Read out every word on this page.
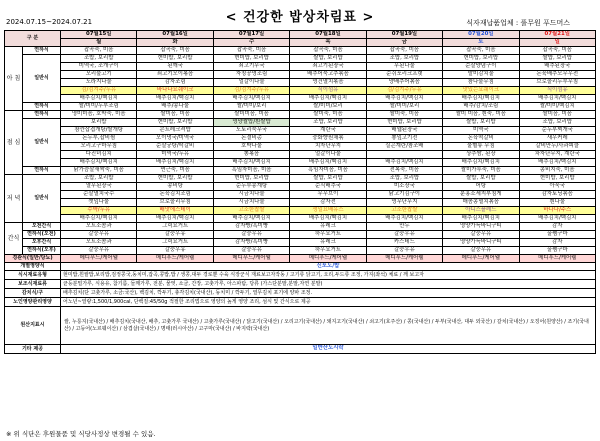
2024.07.15~2024.07.21	< 건강한 밥상차림표 >	식자재납품업체 : 풀무원 푸드머스
구 분		07월15일	07월16일	07월17일	07월18일	07월19일	07월20일	07월21일
		월	화	수	목	금	토	일
아 침	연하식	잡곡죽, 미음	잡곡죽, 미음	잡곡죽, 미음	잡곡죽, 미음	잡곡죽, 미음	잡곡죽, 미음	잡곡죽, 미음
	일반식	조밥, 보리밥	현미밥, 보리밥	현미밥, 보리밥	쌀밥, 보리밥	조밥, 보리밥	현미밥, 보리밥	쌀밥, 보리밥
		미역국, 조개구이	된깨국	쇠고기무국	쇠고기된장국	무된나물	순살양념구이	배추된장국
		오리불고기	쇠고기오이볶음	자칭공영조림	배추어묵고추볶음	순쉬포리크프랫	발미감치물	돈육배추모무우전
		도라지나물	감자조림	얼갈이나물	영건멸치볶음	양배추어볶음	참나물무침	브로콜리두부무침
		검/검겨주/두유	바나나요쉐이크	검/검겨주/두유	식이섬유	검/검겨주/두유	맛있는요쉐이크	식이섬유
		배추김치/백김치	배추김치/백김치	배추김치/백김치	배추김치/백김치	배추김치/백김치	배추김치/백김치	배추김치/백김치
	연하식	쌀/미미/두부조림	배추/콩나물	쌀/미미/보리	쌀/미미/보리	쌀/미미/보리	배추/감치/조림	쌀/미미/백김치
점 심	연하식	영미미음, 호박죽, 미음	쌀미음, 미음	쌀미미음, 미음	쌀미죽, 미음	쌀미죽, 미음	쌀미 미음, 흰죽, 미음	쌀미음, 미음
	일반식	보리밥	현미밥, 보리밥	영양쌀밥/흰쌀밥	조밥, 보리밥	현미밥, 보리밥	쌀밥, 보리밥	조밥, 보리밥
		참깐삽겹개탕/쌀개탕	콘트레크셔밥	도토리묵무국	계란국	배웹된장국	미역국	순두부찌개국
		돈두부,잡비찜	오이냉국/미역국	돈결비총	중화향원채볶	뽕잎고기전	돈육떡갈비	새우커레
		오리고구마무침	순살궁탕/떡갈비	호박나물	치자단무지	실곤계란/참조배	물혈류 무침	갈비만두/사과피클
		다진녀김치	미역국/두유	뽕볶음	얼갈이나물		상추쌈, 된장	차자단무지, 계란국
		배추김치/백김치	배추김치/백김치	배추김치/백김치	배추김치/백김치	배추김치/백김치	배추김치/백김치	배추김치/백김치
	연하식	닭가슴살새싹죽, 미음	연근죽, 미음	흑임자미음, 미음	흑임자미음, 미음	전복죽, 미음	쌀미가루죽, 미음	콩비지죽, 미음
저 녁	일반식	조밥, 보리밥	현미밥, 보리밥	현미밥, 보리밥	쌀밥, 보리밥	조밥, 보리밥	쌀밥, 보리밥	현미밥, 보리밥
		열무된장국	콩비탕	순두부콩계탕	순식배추국	미소장국	어탕	아욱국
		순살멸치국수	돈육김치조림	시금치나물	무무브이	닭고기김구이	분홍소세지부침게	감자토닝볶음
		깻잎나물	브로콜리무침	시금치나물	감자전	영무단무지	매콤콩멸치볶음	흰나물
		수박/두유	배맛에스테이	고소한찹쌀	생일요배유스	고소한찹쌀	아니스플레드	바나나/주스
		배추김치/백김치	배추김치/백김치	배추김치/백김치	배추김치/백김치	배추김치/백김치	배추김치/백김치	배추김치/백김치
간식	오전간식	오트소콤과	그릭요거트	감자빵/흑미빵	유레크	만두	영양가득바니구티	감자
	연하식(오전)	갈숭우유	갈숭우유	갈숭우유	하우요거트	갈숭우유	갈숭우유	꿀쌤구마
	오후간식	오트소콤과	그릭요거트	감자빵/흑미빵	유레크	카스테드	영양가득바니구티	감자
	연하식(오후)	갈숭우유	갈숭우유	갈숭우유	하우요거트	갈숭우유	갈숭우유	꿀쌤구마
경관식(일반/당뇨)		메디푸드/케어웰	메디푸드/케어웰	메디푸드/케어웰	메디푸드/케어웰	메디푸드/케어웰	메디푸드/케어웰	메디푸드/케어웰
개별영양식		신포도/밥						
식시재료유형		현미밥,흰쌀밥,보리밥,검정콩국,동치미,잡곡,콩밥,밥 / 생콩,대두 경로뿐 수육 식장군식 재료보고자작동 / 고기류 닭고기, 오리,두드류 조정, 가지(좌석) 체료 / 깨 보고자						
보조식재료류		균등분밀가루, 식용유, 참기름, 들깨가루, 전분, 물엿, 소금, 간장, 고춧가루, 아스파탐, 당류 (가스단분말,분말,자연 분말)						
감치식/구		배추김치(단 고춧가루, 소금:국산), 백김치, 깍두기, 총각김치(국내산), 동치미 / 깍두기, 열무김치 포기에 양파 조정.						
노인영양관리영양		어노년~열량:1,500/1,900cal, 단백질:45/50g 적절한 조리법으로 영양의 높게 영양 조리, 섬식 및 간식으로 제공						
원산지표시		쌀, 누룽지(국내산) / 배추김치(국내산, 배추, 고춧가루 국내산) / 고춧가루(국내산) / 닭고기(국내산) / 오리고기(국내산) / 돼지고기(국내산) / 쇠고기(호주산) / 콩(국내산) / 두부(국내산, 대두 외국산) / 갈치(국내산) / 오징어(원양산) / 조기(국내산) / 고등어(노르웨이산) / 삼겹살(국내산) / 명태(러시아산) / 고구마(국내산) / 바지락(국내산)						
기타 제공		일반산도시락						
※ 위 식단은 후원물품 및 식당사정상 변경될 수 있음.
